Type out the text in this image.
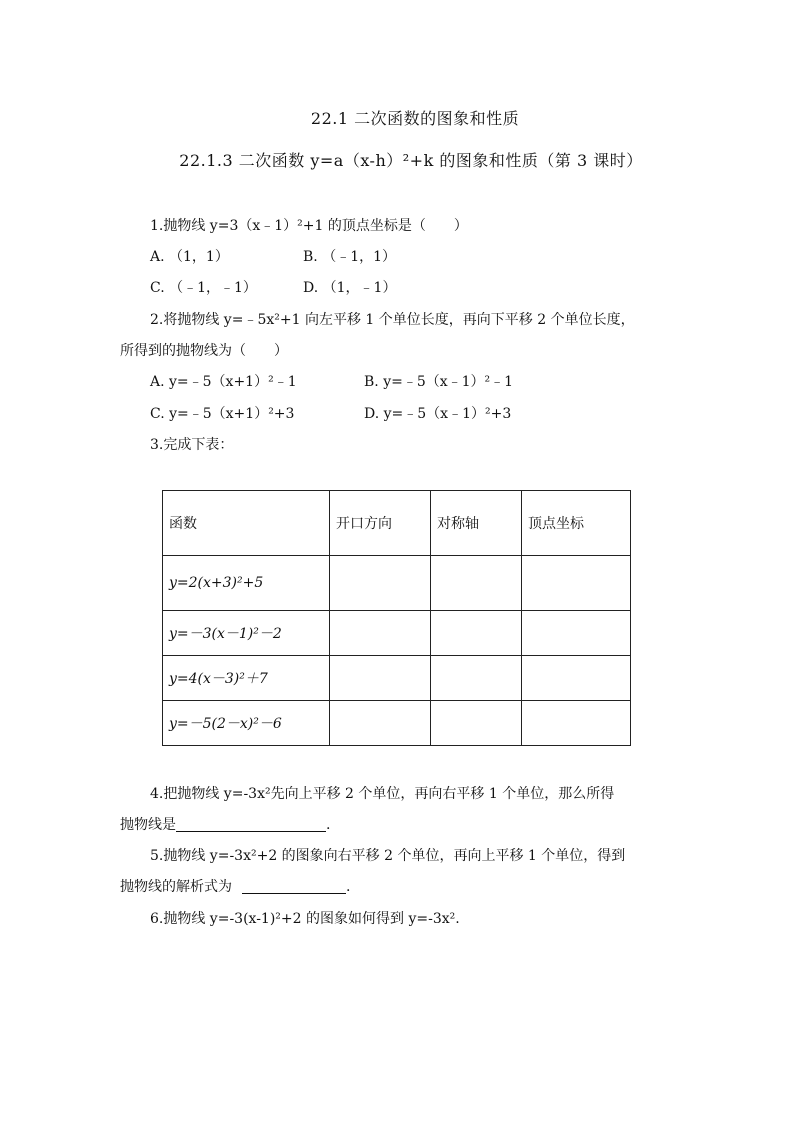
22.1 二次函数的图象和性质
22.1.3 二次函数 y=a（x-h）²+k 的图象和性质（第 3 课时）
1.抛物线 y=3（x﹣1）²+1 的顶点坐标是（　　）
A. （1，1）	B. （﹣1，1）
C. （﹣1，﹣1）	D. （1，﹣1）
2.将抛物线 y=﹣5x²+1 向左平移 1 个单位长度，再向下平移 2 个单位长度，
所得到的抛物线为（　　）
A. y=﹣5（x+1）²﹣1	B. y=﹣5（x﹣1）²﹣1
C. y=﹣5（x+1）²+3	D. y=﹣5（x﹣1）²+3
3.完成下表：
函数	开口方向	对称轴	顶点坐标
y=2(x+3)²+5			
y=－3(x－1)²－2			
y=4(x－3)²＋7			
y=－5(2－x)²－6			
4.把抛物线 y=-3x²先向上平移 2 个单位，再向右平移 1 个单位，那么所得
抛物线是	.
5.抛物线 y=-3x²+2 的图象向右平移 2 个单位，再向上平移 1 个单位，得到
抛物线的解析式为	.
6.抛物线 y=-3(x-1)²+2 的图象如何得到 y=-3x².
